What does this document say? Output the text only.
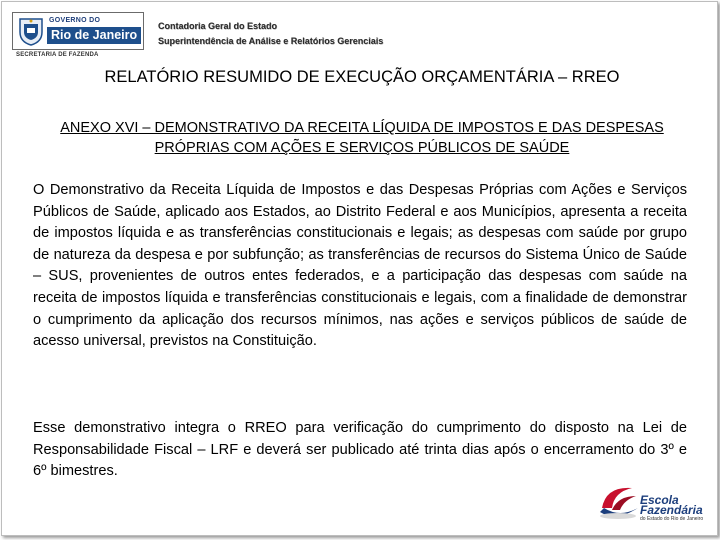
GOVERNO DO
Rio de Janeiro
SECRETARIA DE FAZENDA
Contadoria Geral do Estado
Superintendência de Análise e Relatórios Gerenciais
RELATÓRIO RESUMIDO DE EXECUÇÃO ORÇAMENTÁRIA – RREO
ANEXO XVI – DEMONSTRATIVO DA RECEITA LÍQUIDA DE IMPOSTOS E DAS DESPESAS PRÓPRIAS COM AÇÕES E SERVIÇOS PÚBLICOS DE SAÚDE
O Demonstrativo da Receita Líquida de Impostos e das Despesas Próprias com Ações e Serviços Públicos de Saúde, aplicado aos Estados, ao Distrito Federal e aos Municípios, apresenta a receita de impostos líquida e as transferências constitucionais e legais; as despesas com saúde por grupo de natureza da despesa e por subfunção; as transferências de recursos do Sistema Único de Saúde – SUS, provenientes de outros entes federados, e a participação das despesas com saúde na receita de impostos líquida e transferências constitucionais e legais, com a finalidade de demonstrar o cumprimento da aplicação dos recursos mínimos, nas ações e serviços públicos de saúde de acesso universal, previstos na Constituição.
Esse demonstrativo integra o RREO para verificação do cumprimento do disposto na Lei de Responsabilidade Fiscal – LRF e deverá ser publicado até trinta dias após o encerramento do 3º e 6º bimestres.
Escola
Fazendária
do Estado do Rio de Janeiro
